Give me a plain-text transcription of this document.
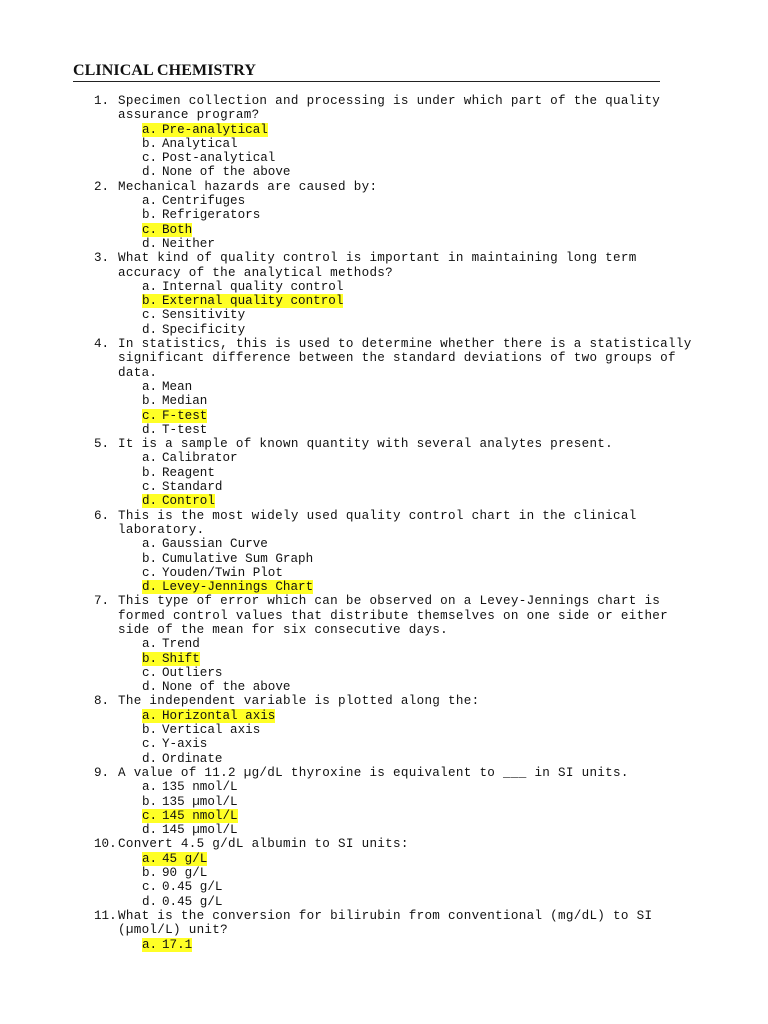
CLINICAL CHEMISTRY
1. Specimen collection and processing is under which part of the quality assurance program?
a. Pre-analytical
b. Analytical
c. Post-analytical
d. None of the above
2. Mechanical hazards are caused by:
a. Centrifuges
b. Refrigerators
c. Both
d. Neither
3. What kind of quality control is important in maintaining long term accuracy of the analytical methods?
a. Internal quality control
b. External quality control
c. Sensitivity
d. Specificity
4. In statistics, this is used to determine whether there is a statistically significant difference between the standard deviations of two groups of data.
a. Mean
b. Median
c. F-test
d. T-test
5. It is a sample of known quantity with several analytes present.
a. Calibrator
b. Reagent
c. Standard
d. Control
6. This is the most widely used quality control chart in the clinical laboratory.
a. Gaussian Curve
b. Cumulative Sum Graph
c. Youden/Twin Plot
d. Levey-Jennings Chart
7. This type of error which can be observed on a Levey-Jennings chart is formed control values that distribute themselves on one side or either side of the mean for six consecutive days.
a. Trend
b. Shift
c. Outliers
d. None of the above
8. The independent variable is plotted along the:
a. Horizontal axis
b. Vertical axis
c. Y-axis
d. Ordinate
9. A value of 11.2 µg/dL thyroxine is equivalent to ___ in SI units.
a. 135 nmol/L
b. 135 µmol/L
c. 145 nmol/L
d. 145 µmol/L
10. Convert 4.5 g/dL albumin to SI units:
a. 45 g/L
b. 90 g/L
c. 0.45 g/L
d. 0.45 g/L
11. What is the conversion for bilirubin from conventional (mg/dL) to SI (µmol/L) unit?
a. 17.1
